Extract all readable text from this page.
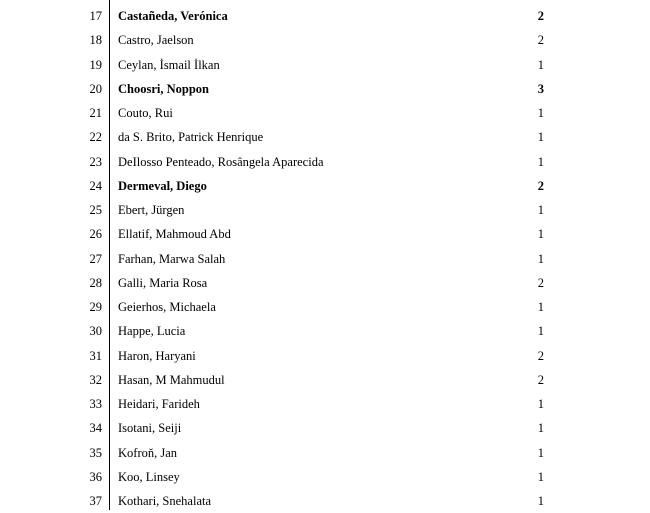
17 Castañeda, Verónica	2
18 Castro, Jaelson	2
19 Ceylan, İsmail İlkan	1
20 Choosri, Noppon	3
21 Couto, Rui	1
22 da S. Brito, Patrick Henrique	1
23 DeIlosso Penteado, Rosângela Aparecida	1
24 Dermeval, Diego	2
25 Ebert, Jürgen	1
26 Ellatif, Mahmoud Abd	1
27 Farhan, Marwa Salah	1
28 Galli, Maria Rosa	2
29 Geierhos, Michaela	1
30 Happe, Lucia	1
31 Haron, Haryani	2
32 Hasan, M Mahmudul	2
33 Heidari, Farideh	1
34 Isotani, Seiji	1
35 Kofroň, Jan	1
36 Koo, Linsey	1
37 Kothari, Snehalata	1
